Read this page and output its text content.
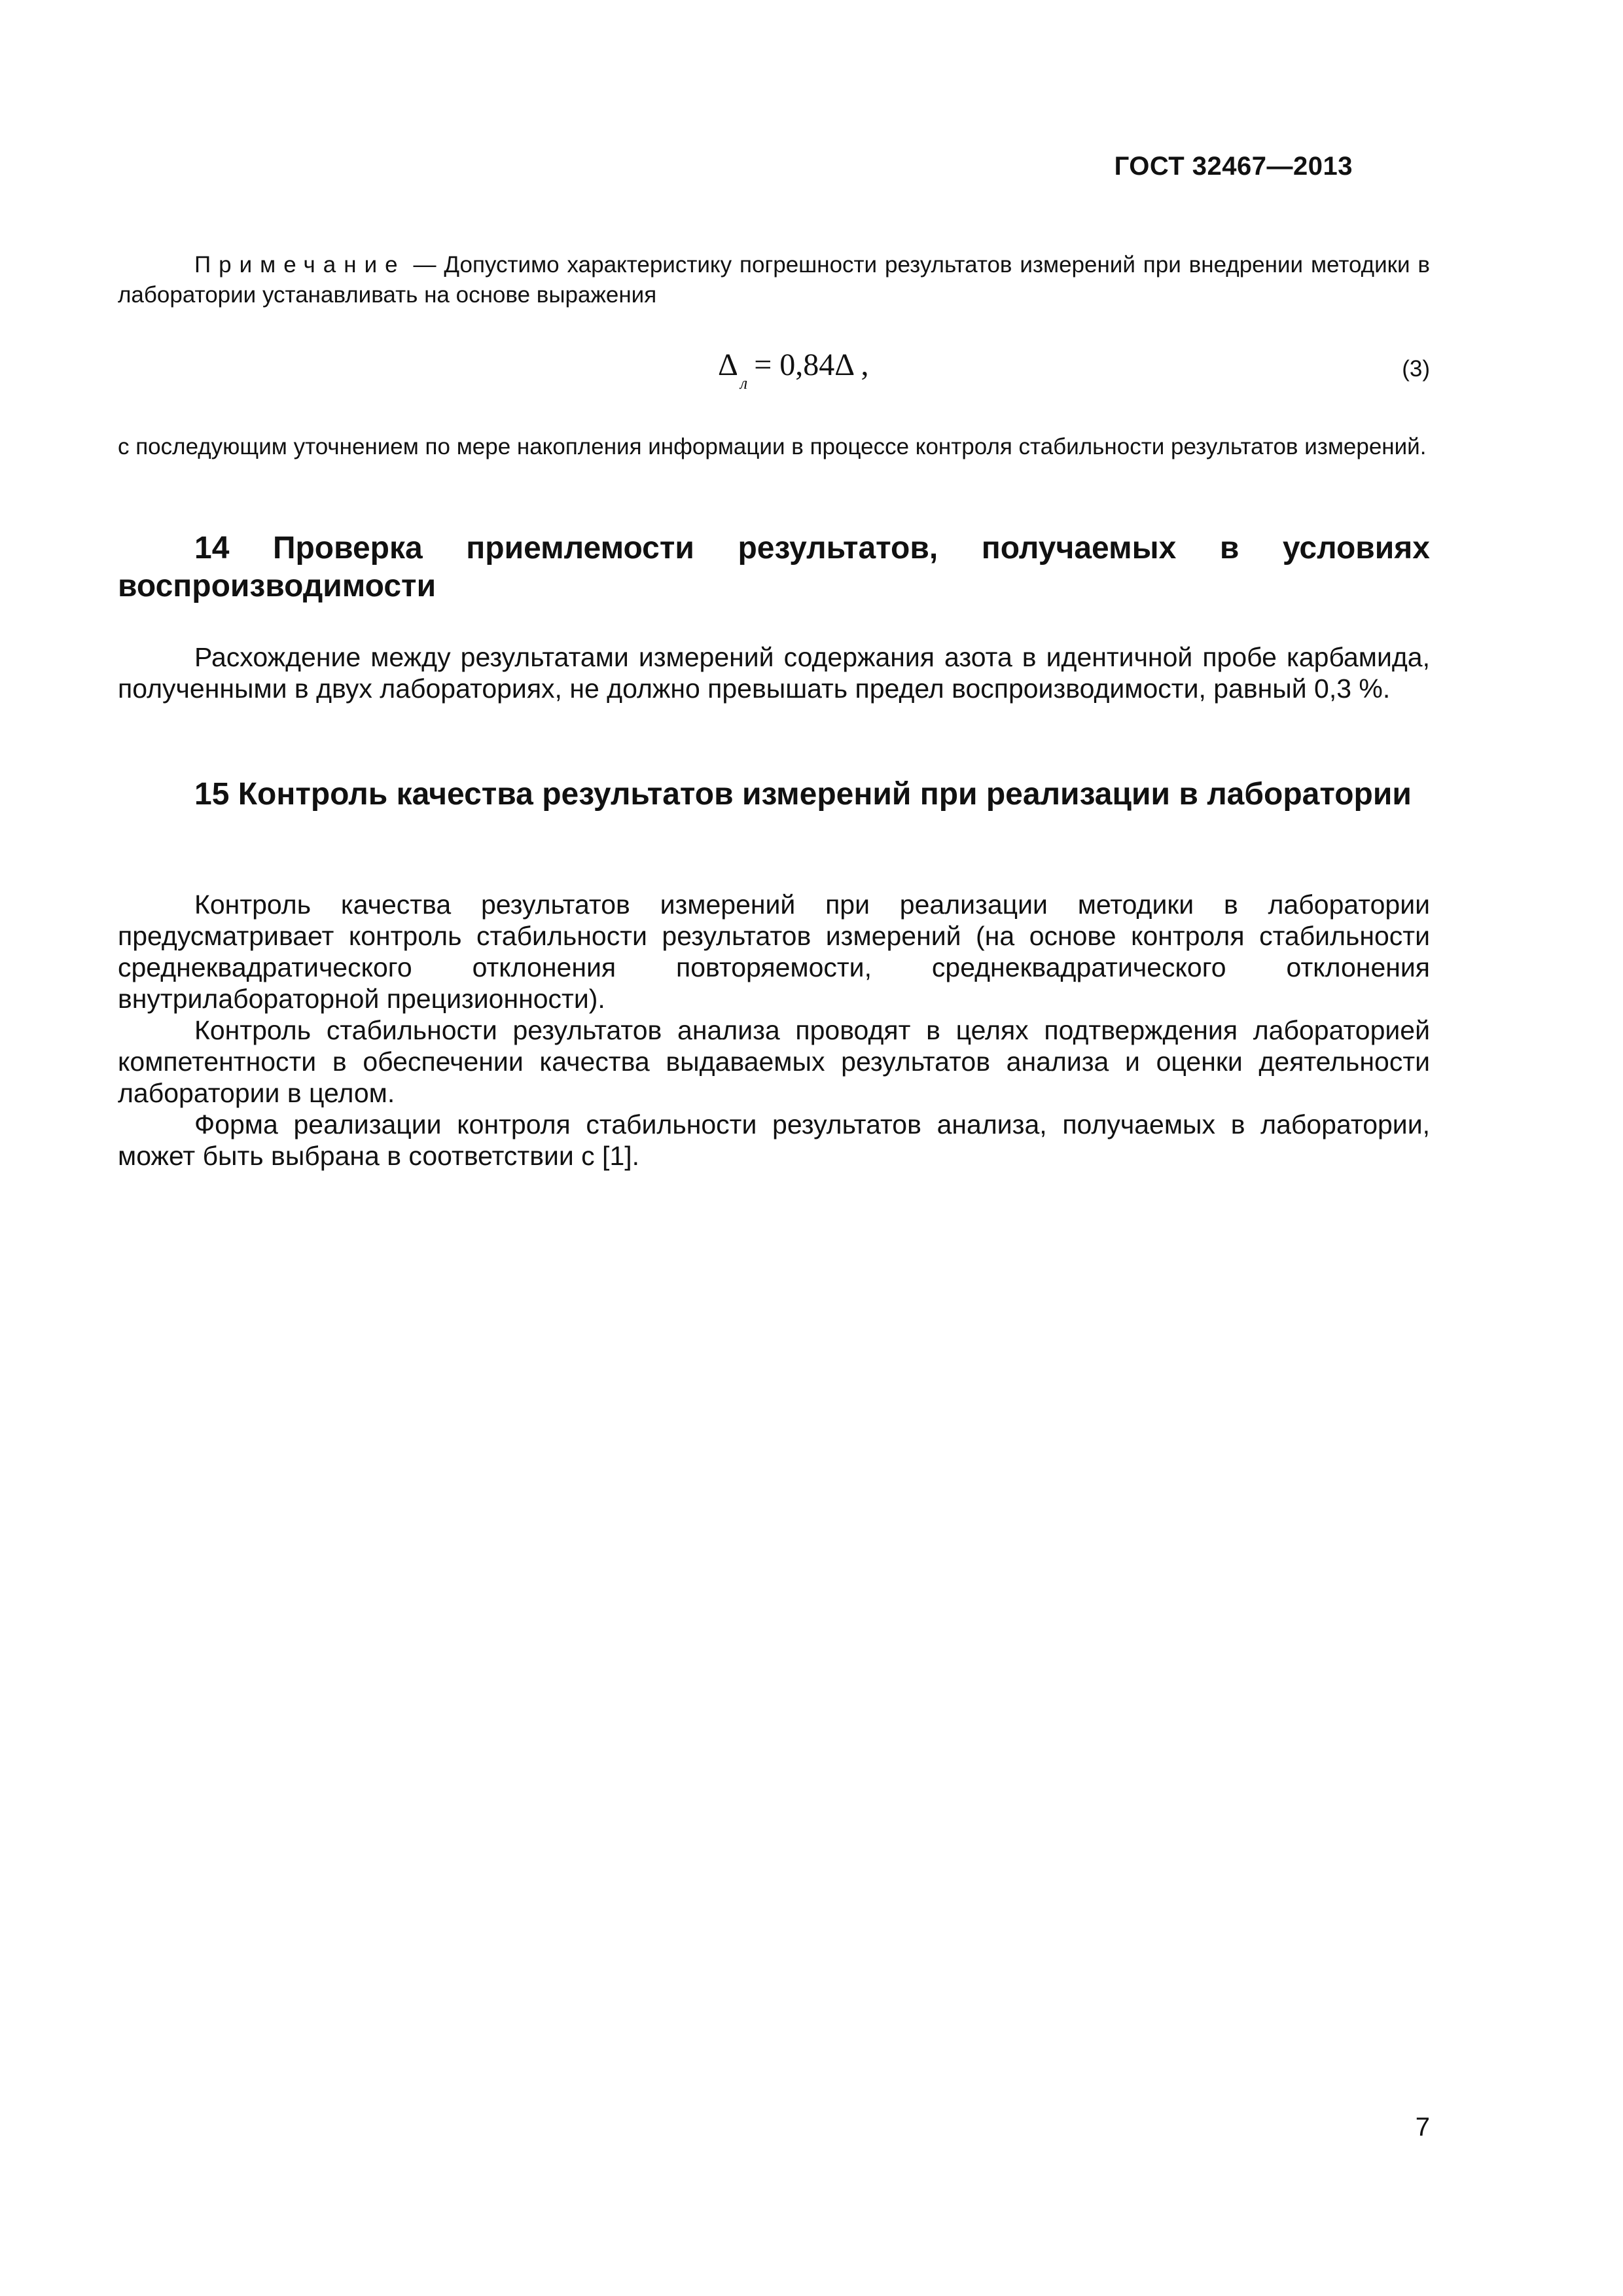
ГОСТ 32467—2013
Примечание — Допустимо характеристику погрешности результатов измерений при внедрении методики в лаборатории устанавливать на основе выражения
$\Delta_л= 0,84\Delta$ ,	(3)
с последующим уточнением по мере накопления информации в процессе контроля стабильности результатов измерений.
14 Проверка приемлемости результатов, получаемых в условиях воспроизводимости

Расхождение между результатами измерений содержания азота в идентичной пробе карбамида, полученными в двух лабораториях, не должно превышать предел воспроизводимости, равный 0,3 %.

15 Контроль качества результатов измерений при реализации в лаборатории

Контроль качества результатов измерений при реализации методики в лаборатории предусматривает контроль стабильности результатов измерений (на основе контроля стабильности среднеквадратического отклонения повторяемости, среднеквадратического отклонения внутрилабораторной прецизионности).

Контроль стабильности результатов анализа проводят в целях подтверждения лабораторией компетентности в обеспечении качества выдаваемых результатов анализа и оценки деятельности лаборатории в целом.

Форма реализации контроля стабильности результатов анализа, получаемых в лаборатории, может быть выбрана в соответствии с [1].

7
